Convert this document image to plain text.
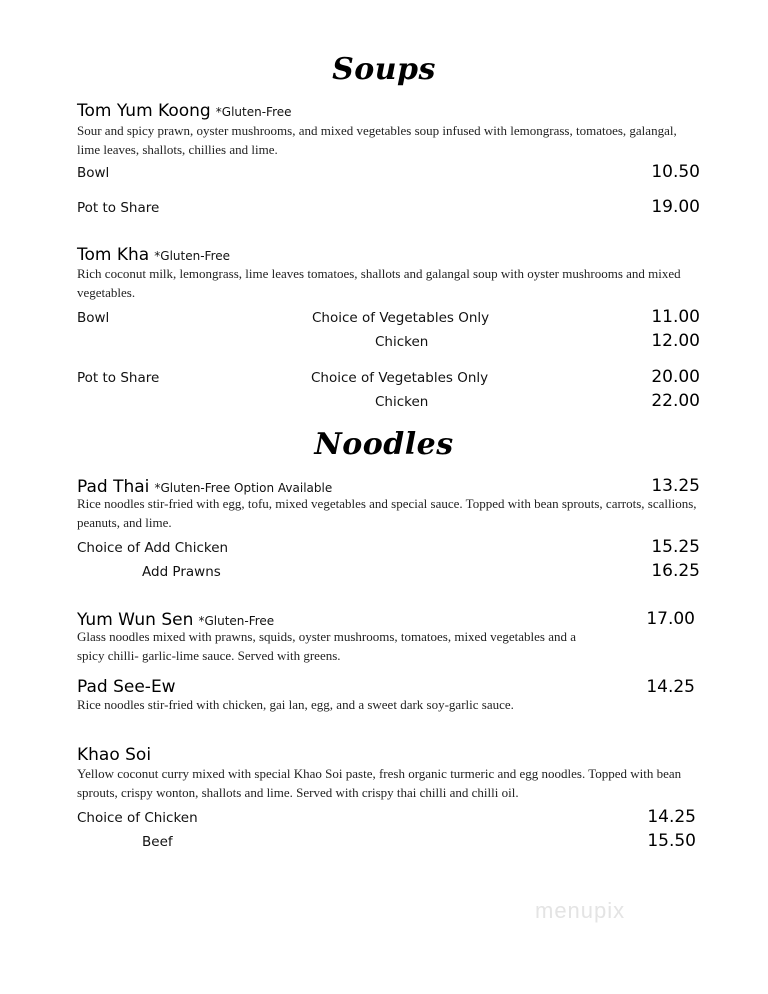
Soups
Tom Yum Koong *Gluten-Free
Sour and spicy prawn, oyster mushrooms, and mixed vegetables soup infused with lemongrass, tomatoes, galangal, lime leaves, shallots, chillies and lime.
Bowl	10.50
Pot to Share	19.00
Tom Kha *Gluten-Free
Rich coconut milk, lemongrass, lime leaves tomatoes, shallots and galangal soup with oyster mushrooms and mixed vegetables.
Bowl	Choice of Vegetables Only	11.00
Chicken	12.00
Pot to Share	Choice of Vegetables Only	20.00
Chicken	22.00
Noodles
Pad Thai *Gluten-Free Option Available	13.25
Rice noodles stir-fried with egg, tofu, mixed vegetables and special sauce. Topped with bean sprouts, carrots, scallions, peanuts, and lime.
Choice of Add Chicken	15.25
Add Prawns	16.25
Yum Wun Sen *Gluten-Free	17.00
Glass noodles mixed with prawns, squids, oyster mushrooms, tomatoes, mixed vegetables and a spicy chilli- garlic-lime sauce. Served with greens.
Pad See-Ew	14.25
Rice noodles stir-fried with chicken, gai lan, egg, and a sweet dark soy-garlic sauce.
Khao Soi
Yellow coconut curry mixed with special Khao Soi paste, fresh organic turmeric and egg noodles. Topped with bean sprouts, crispy wonton, shallots and lime. Served with crispy thai chilli and chilli oil.
Choice of Chicken	14.25
Beef	15.50
menupix
